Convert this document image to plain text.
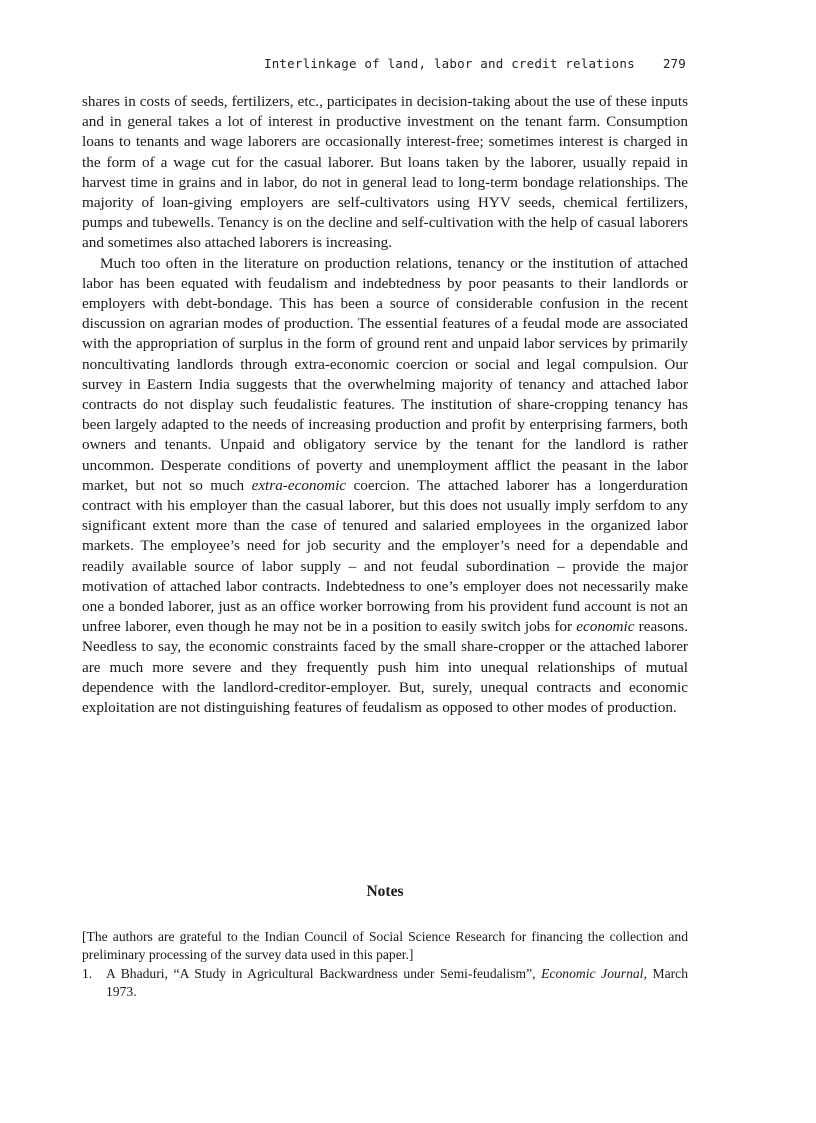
Interlinkage of land, labor and credit relations 279

shares in costs of seeds, fertilizers, etc., participates in decision-taking about the use of these inputs and in general takes a lot of interest in productive investment on the tenant farm. Consumption loans to tenants and wage laborers are occasionally interest-free; sometimes interest is charged in the form of a wage cut for the casual laborer. But loans taken by the laborer, usually repaid in harvest time in grains and in labor, do not in general lead to long-term bondage relationships. The majority of loan-giving employers are self-cultivators using HYV seeds, chemical fertilizers, pumps and tubewells. Tenancy is on the decline and self-cultivation with the help of casual laborers and sometimes also attached laborers is increasing.

Much too often in the literature on production relations, tenancy or the institution of attached labor has been equated with feudalism and indebtedness by poor peasants to their landlords or employers with debt-bondage. This has been a source of considerable confusion in the recent discussion on agrarian modes of production. The essential features of a feudal mode are associated with the appropriation of surplus in the form of ground rent and unpaid labor services by primarily noncultivating landlords through extra-economic coercion or social and legal compulsion. Our survey in Eastern India suggests that the overwhelming majority of tenancy and attached labor contracts do not display such feudalistic features. The institution of share-cropping tenancy has been largely adapted to the needs of increasing production and profit by enterprising farmers, both owners and tenants. Unpaid and obligatory service by the tenant for the landlord is rather uncommon. Desperate conditions of poverty and unemployment afflict the peasant in the labor market, but not so much extra-economic coercion. The attached laborer has a longerduration contract with his employer than the casual laborer, but this does not usually imply serfdom to any significant extent more than the case of tenured and salaried employees in the organized labor markets. The employee’s need for job security and the employer’s need for a dependable and readily available source of labor supply – and not feudal subordination – provide the major motivation of attached labor contracts. Indebtedness to one’s employer does not necessarily make one a bonded laborer, just as an office worker borrowing from his provident fund account is not an unfree laborer, even though he may not be in a position to easily switch jobs for economic reasons. Needless to say, the economic constraints faced by the small share-cropper or the attached laborer are much more severe and they frequently push him into unequal relationships of mutual dependence with the landlord-creditor-employer. But, surely, unequal contracts and economic exploitation are not distinguishing features of feudalism as opposed to other modes of production.

Notes

[The authors are grateful to the Indian Council of Social Science Research for financing the collection and preliminary processing of the survey data used in this paper.]

1.	A Bhaduri, “A Study in Agricultural Backwardness under Semi-feudalism”, Economic Journal, March 1973.
